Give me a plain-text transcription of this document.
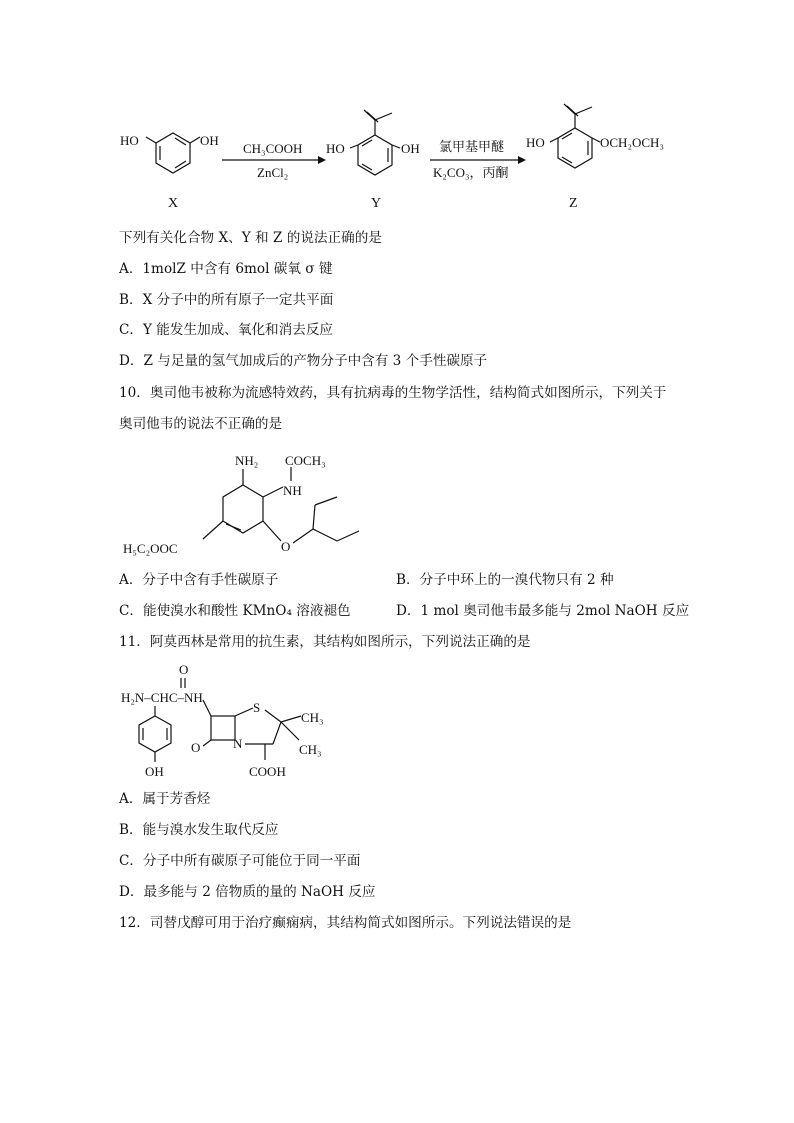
HO	OH
X
CH₃COOH
ZnCl₂
HO	OH
Y
氯甲基甲醚
K₂CO₃，丙酮
HO	OCH₂OCH₃
Z
下列有关化合物 X、Y 和 Z 的说法正确的是
A．1molZ 中含有 6mol 碳氧 σ 键
B．X 分子中的所有原子一定共平面
C．Y 能发生加成、氧化和消去反应
D．Z 与足量的氢气加成后的产物分子中含有 3 个手性碳原子
10．奥司他韦被称为流感特效药，具有抗病毒的生物学活性，结构简式如图所示，下列关于
奥司他韦的说法不正确的是
NH₂
NH
COCH₃
O
H₅C₂OOC
A．分子中含有手性碳原子	B．分子中环上的一溴代物只有 2 种
C．能使溴水和酸性 KMnO₄ 溶液褪色	D．1 mol 奥司他韦最多能与 2mol NaOH 反应
11．阿莫西林是常用的抗生素，其结构如图所示，下列说法正确的是
O
H₂N–CHC–NH
OH
O	N
S
CH₃
CH₃
COOH
A．属于芳香烃
B．能与溴水发生取代反应
C．分子中所有碳原子可能位于同一平面
D．最多能与 2 倍物质的量的 NaOH 反应
12．司替戊醇可用于治疗癫痫病，其结构简式如图所示。下列说法错误的是
